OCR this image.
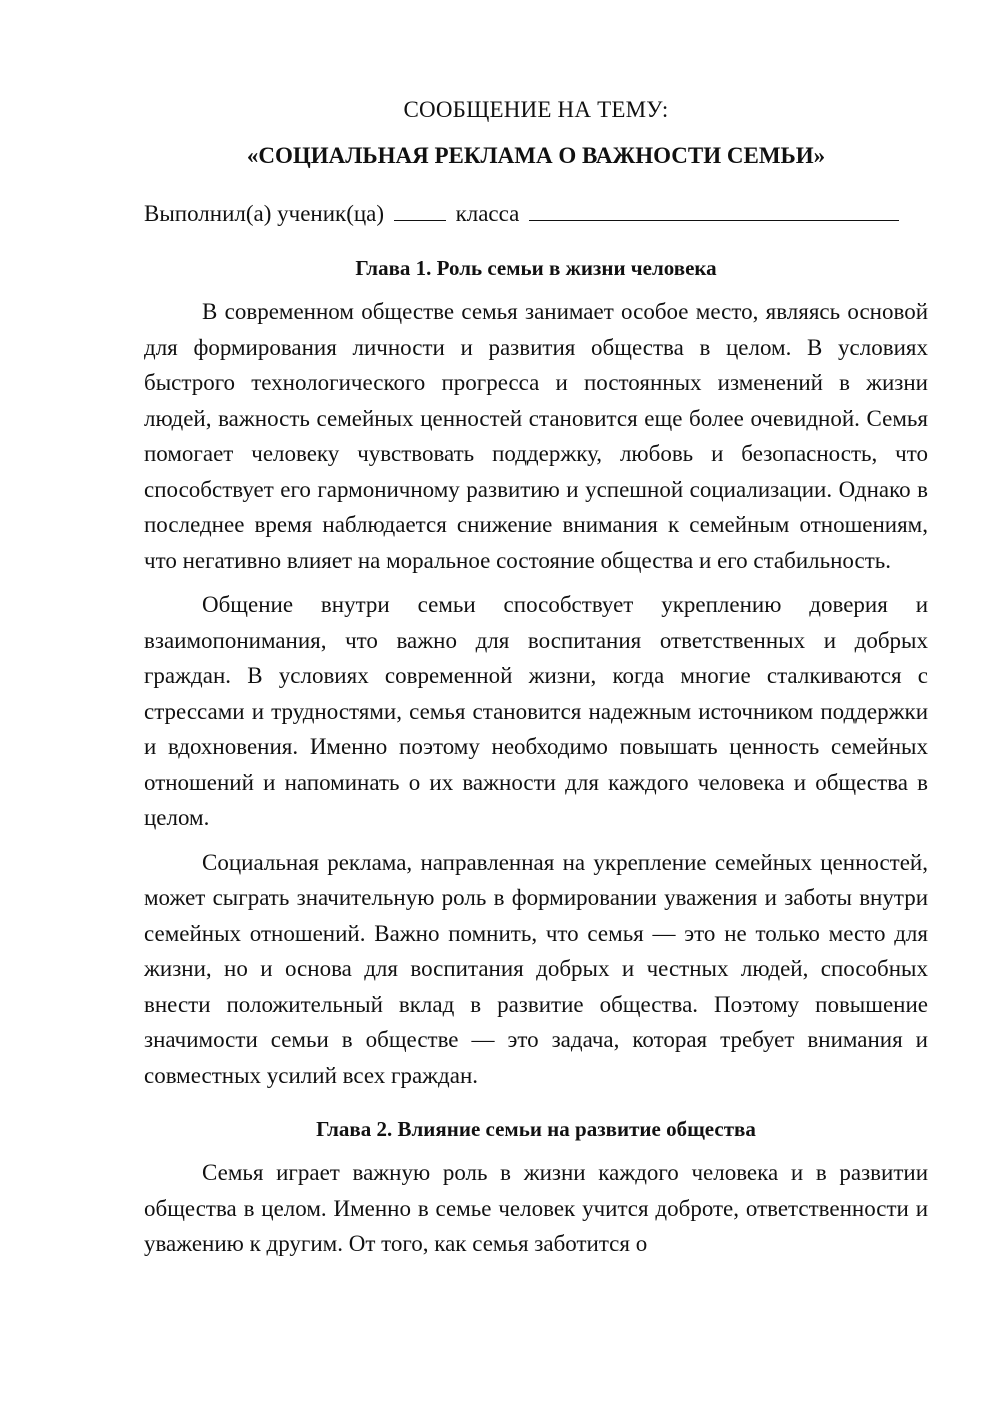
СООБЩЕНИЕ НА ТЕМУ:

«СОЦИАЛЬНАЯ РЕКЛАМА О ВАЖНОСТИ СЕМЬИ»

Выполнил(а) ученик(ца)	класса
Глава 1. Роль семьи в жизни человека

В современном обществе семья занимает особое место, являясь основой для формирования личности и развития общества в целом. В условиях быстрого технологического прогресса и постоянных изменений в жизни людей, важность семейных ценностей становится еще более очевидной. Семья помогает человеку чувствовать поддержку, любовь и безопасность, что способствует его гармоничному развитию и успешной социализации. Однако в последнее время наблюдается снижение внимания к семейным отношениям, что негативно влияет на моральное состояние общества и его стабильность.

Общение внутри семьи способствует укреплению доверия и взаимопонимания, что важно для воспитания ответственных и добрых граждан. В условиях современной жизни, когда многие сталкиваются с стрессами и трудностями, семья становится надежным источником поддержки и вдохновения. Именно поэтому необходимо повышать ценность семейных отношений и напоминать о их важности для каждого человека и общества в целом.

Социальная реклама, направленная на укрепление семейных ценностей, может сыграть значительную роль в формировании уважения и заботы внутри семейных отношений. Важно помнить, что семья — это не только место для жизни, но и основа для воспитания добрых и честных людей, способных внести положительный вклад в развитие общества. Поэтому повышение значимости семьи в обществе — это задача, которая требует внимания и совместных усилий всех граждан.

Глава 2. Влияние семьи на развитие общества

Семья играет важную роль в жизни каждого человека и в развитии общества в целом. Именно в семье человек учится доброте, ответственности и уважению к другим. От того, как семья заботится о
